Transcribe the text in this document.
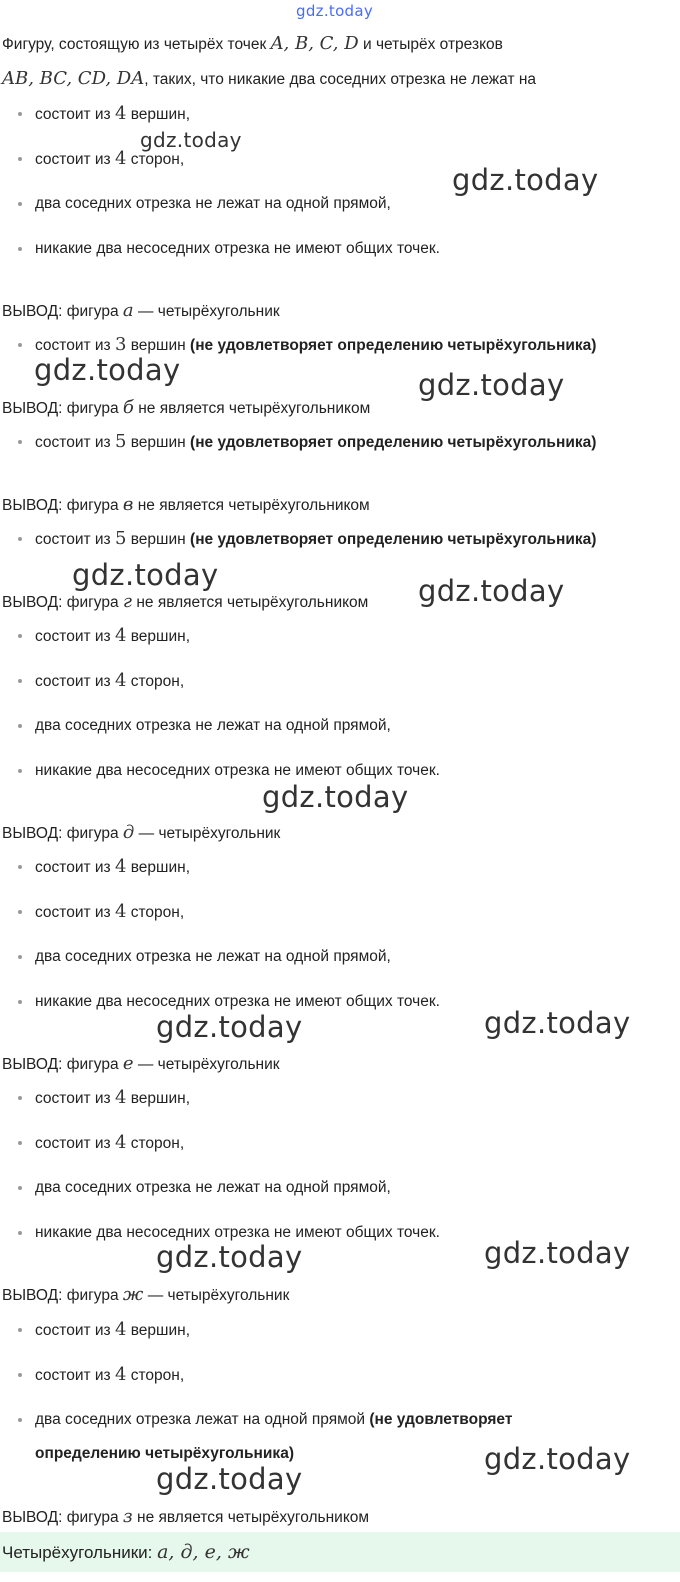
gdz.today
Фигуру, состоящую из четырёх точек A, B, C, D и четырёх отрезков
AB, BC, CD, DA, таких, что никакие два соседних отрезка не лежат на
состоит из 4 вершин,
состоит из 4 сторон,
два соседних отрезка не лежат на одной прямой,
никакие два несоседних отрезка не имеют общих точек.
ВЫВОД: фигура а — четырёхугольник
состоит из 3 вершин (не удовлетворяет определению четырёхугольника)
ВЫВОД: фигура б не является четырёхугольником
состоит из 5 вершин (не удовлетворяет определению четырёхугольника)
ВЫВОД: фигура в не является четырёхугольником
состоит из 5 вершин (не удовлетворяет определению четырёхугольника)
ВЫВОД: фигура г не является четырёхугольником
состоит из 4 вершин,
состоит из 4 сторон,
два соседних отрезка не лежат на одной прямой,
никакие два несоседних отрезка не имеют общих точек.
ВЫВОД: фигура д — четырёхугольник
состоит из 4 вершин,
состоит из 4 сторон,
два соседних отрезка не лежат на одной прямой,
никакие два несоседних отрезка не имеют общих точек.
ВЫВОД: фигура е — четырёхугольник
состоит из 4 вершин,
состоит из 4 сторон,
два соседних отрезка не лежат на одной прямой,
никакие два несоседних отрезка не имеют общих точек.
ВЫВОД: фигура ж — четырёхугольник
состоит из 4 вершин,
состоит из 4 сторон,
два соседних отрезка лежат на одной прямой (не удовлетворяет
определению четырёхугольника)
ВЫВОД: фигура з не является четырёхугольником
Четырёхугольники: а, д, е, ж
gdz.today
gdz.today
gdz.today	gdz.today
gdz.today	gdz.today
gdz.today
gdz.today	gdz.today
gdz.today	gdz.today
gdz.today
gdz.today
